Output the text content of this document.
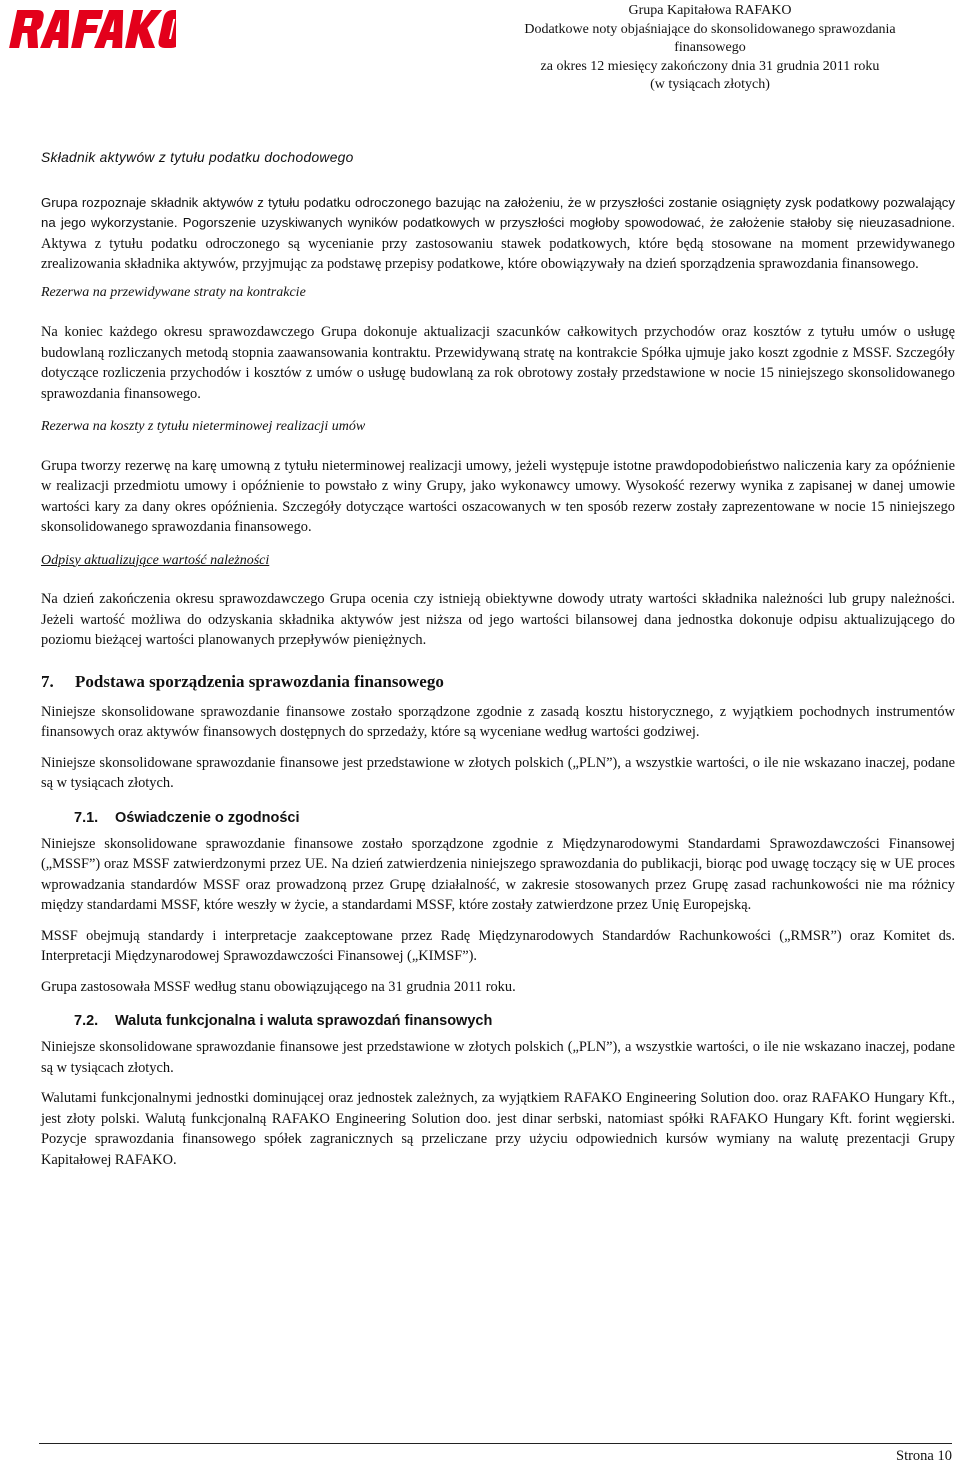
Grupa Kapitałowa RAFAKO
Dodatkowe noty objaśniające do skonsolidowanego sprawozdania finansowego
za okres 12 miesięcy zakończony dnia 31 grudnia 2011 roku
(w tysiącach złotych)

Składnik aktywów z tytułu podatku dochodowego

Grupa rozpoznaje składnik aktywów z tytułu podatku odroczonego bazując na założeniu, że w przyszłości zostanie osiągnięty zysk podatkowy pozwalający na jego wykorzystanie. Pogorszenie uzyskiwanych wyników podatkowych w przyszłości mogłoby spowodować, że założenie stałoby się nieuzasadnione. Aktywa z tytułu podatku odroczonego są wycenianie przy zastosowaniu stawek podatkowych, które będą stosowane na moment przewidywanego zrealizowania składnika aktywów, przyjmując za podstawę przepisy podatkowe, które obowiązywały na dzień sporządzenia sprawozdania finansowego.

Rezerwa na przewidywane straty na kontrakcie

Na koniec każdego okresu sprawozdawczego Grupa dokonuje aktualizacji szacunków całkowitych przychodów oraz kosztów z tytułu umów o usługę budowlaną rozliczanych metodą stopnia zaawansowania kontraktu. Przewidywaną stratę na kontrakcie Spółka ujmuje jako koszt zgodnie z MSSF. Szczegóły dotyczące rozliczenia przychodów i kosztów z umów o usługę budowlaną za rok obrotowy zostały przedstawione w nocie 15 niniejszego skonsolidowanego sprawozdania finansowego.

Rezerwa na koszty z tytułu nieterminowej realizacji umów

Grupa tworzy rezerwę na karę umowną z tytułu nieterminowej realizacji umowy, jeżeli występuje istotne prawdopodobieństwo naliczenia kary za opóźnienie w realizacji przedmiotu umowy i opóźnienie to powstało z winy Grupy, jako wykonawcy umowy. Wysokość rezerwy wynika z zapisanej w danej umowie wartości kary za dany okres opóźnienia. Szczegóły dotyczące wartości oszacowanych w ten sposób rezerw zostały zaprezentowane w nocie 15 niniejszego skonsolidowanego sprawozdania finansowego.

Odpisy aktualizujące wartość należności

Na dzień zakończenia okresu sprawozdawczego Grupa ocenia czy istnieją obiektywne dowody utraty wartości składnika należności lub grupy należności. Jeżeli wartość możliwa do odzyskania składnika aktywów jest niższa od jego wartości bilansowej dana jednostka dokonuje odpisu aktualizującego do poziomu bieżącej wartości planowanych przepływów pieniężnych.

7. Podstawa sporządzenia sprawozdania finansowego

Niniejsze skonsolidowane sprawozdanie finansowe zostało sporządzone zgodnie z zasadą kosztu historycznego, z wyjątkiem pochodnych instrumentów finansowych oraz aktywów finansowych dostępnych do sprzedaży, które są wyceniane według wartości godziwej.

Niniejsze skonsolidowane sprawozdanie finansowe jest przedstawione w złotych polskich („PLN”), a wszystkie wartości, o ile nie wskazano inaczej, podane są w tysiącach złotych.

7.1. Oświadczenie o zgodności

Niniejsze skonsolidowane sprawozdanie finansowe zostało sporządzone zgodnie z Międzynarodowymi Standardami Sprawozdawczości Finansowej („MSSF”) oraz MSSF zatwierdzonymi przez UE. Na dzień zatwierdzenia niniejszego sprawozdania do publikacji, biorąc pod uwagę toczący się w UE proces wprowadzania standardów MSSF oraz prowadzoną przez Grupę działalność, w zakresie stosowanych przez Grupę zasad rachunkowości nie ma różnicy między standardami MSSF, które weszły w życie, a standardami MSSF, które zostały zatwierdzone przez Unię Europejską.

MSSF obejmują standardy i interpretacje zaakceptowane przez Radę Międzynarodowych Standardów Rachunkowości („RMSR”) oraz Komitet ds. Interpretacji Międzynarodowej Sprawozdawczości Finansowej („KIMSF”).

Grupa zastosowała MSSF według stanu obowiązującego na 31 grudnia 2011 roku.

7.2. Waluta funkcjonalna i waluta sprawozdań finansowych

Niniejsze skonsolidowane sprawozdanie finansowe jest przedstawione w złotych polskich („PLN”), a wszystkie wartości, o ile nie wskazano inaczej, podane są w tysiącach złotych.

Walutami funkcjonalnymi jednostki dominującej oraz jednostek zależnych, za wyjątkiem RAFAKO Engineering Solution doo. oraz RAFAKO Hungary Kft., jest złoty polski. Walutą funkcjonalną RAFAKO Engineering Solution doo. jest dinar serbski, natomiast spółki RAFAKO Hungary Kft. forint węgierski. Pozycje sprawozdania finansowego spółek zagranicznych są przeliczane przy użyciu odpowiednich kursów wymiany na walutę prezentacji Grupy Kapitałowej RAFAKO.

Strona 10
